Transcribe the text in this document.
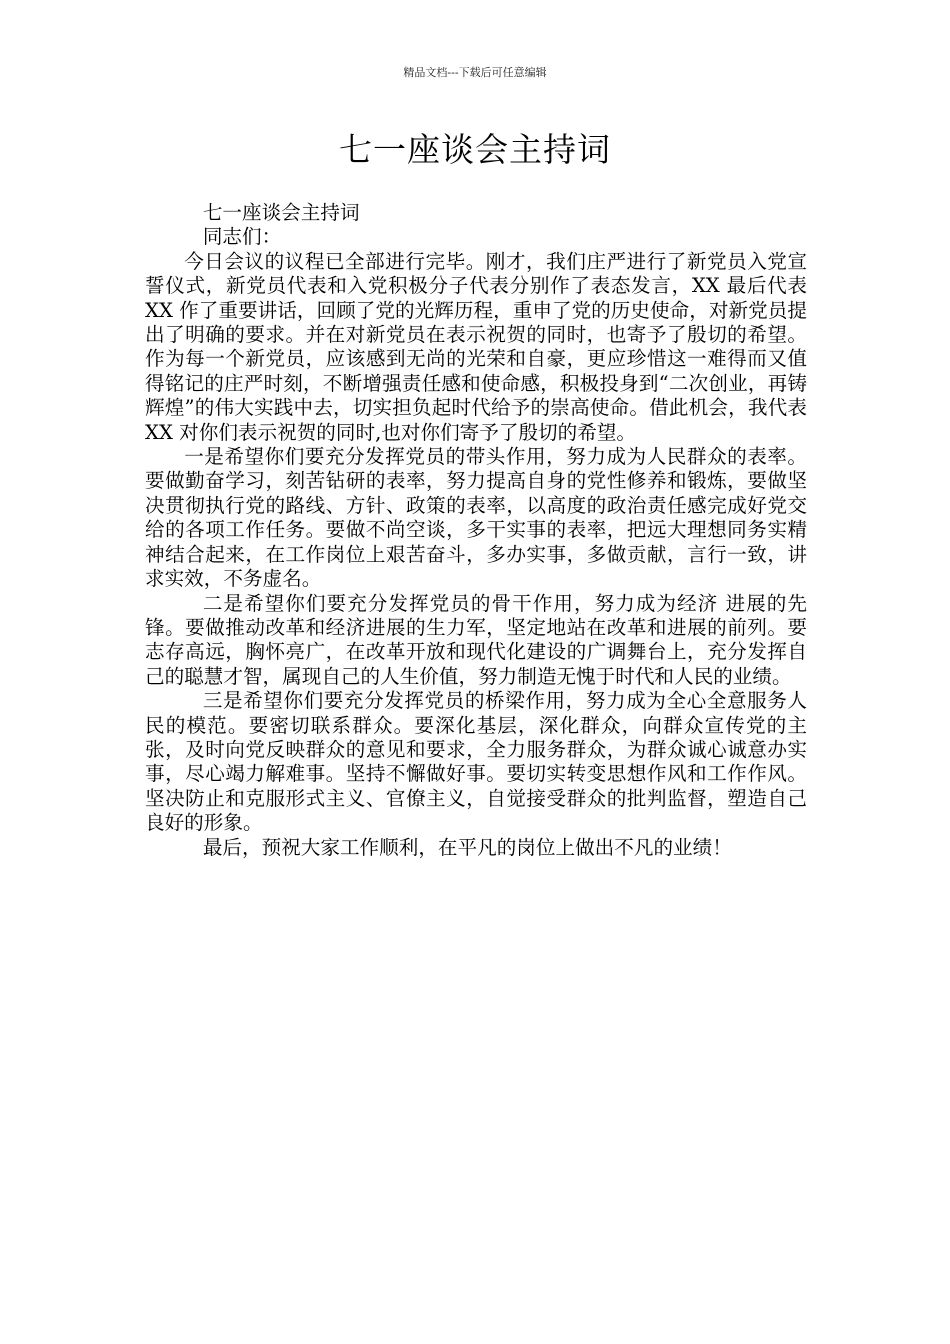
精品文档---下载后可任意编辑
七一座谈会主持词

七一座谈会主持词

同志们：

今日会议的议程已全部进行完毕。刚才，我们庄严进行了新党员入党宣誓仪式，新党员代表和入党积极分子代表分别作了表态发言，XX 最后代表 XX 作了重要讲话，回顾了党的光辉历程，重申了党的历史使命，对新党员提出了明确的要求。并在对新党员在表示祝贺的同时，也寄予了殷切的希望。作为每一个新党员，应该感到无尚的光荣和自豪，更应珍惜这一难得而又值得铭记的庄严时刻，不断增强责任感和使命感，积极投身到“二次创业，再铸辉煌”的伟大实践中去，切实担负起时代给予的崇高使命。借此机会，我代表 XX 对你们表示祝贺的同时,也对你们寄予了殷切的希望。

一是希望你们要充分发挥党员的带头作用，努力成为人民群众的表率。要做勤奋学习，刻苦钻研的表率，努力提高自身的党性修养和锻炼，要做坚决贯彻执行党的路线、方针、政策的表率，以高度的政治责任感完成好党交给的各项工作任务。要做不尚空谈，多干实事的表率，把远大理想同务实精神结合起来，在工作岗位上艰苦奋斗，多办实事，多做贡献，言行一致，讲求实效，不务虚名。

二是希望你们要充分发挥党员的骨干作用，努力成为经济 进展的先锋。要做推动改革和经济进展的生力军，坚定地站在改革和进展的前列。要志存高远，胸怀亮广，在改革开放和现代化建设的广调舞台上，充分发挥自己的聪慧才智，属现自己的人生价值，努力制造无愧于时代和人民的业绩。

三是希望你们要充分发挥党员的桥梁作用，努力成为全心全意服务人民的模范。要密切联系群众。要深化基层，深化群众，向群众宣传党的主张，及时向党反映群众的意见和要求，全力服务群众，为群众诚心诚意办实事，尽心竭力解难事。坚持不懈做好事。要切实转变思想作风和工作作风。坚决防止和克服形式主义、官僚主义，自觉接受群众的批判监督，塑造自己良好的形象。

最后，预祝大家工作顺利，在平凡的岗位上做出不凡的业绩！
